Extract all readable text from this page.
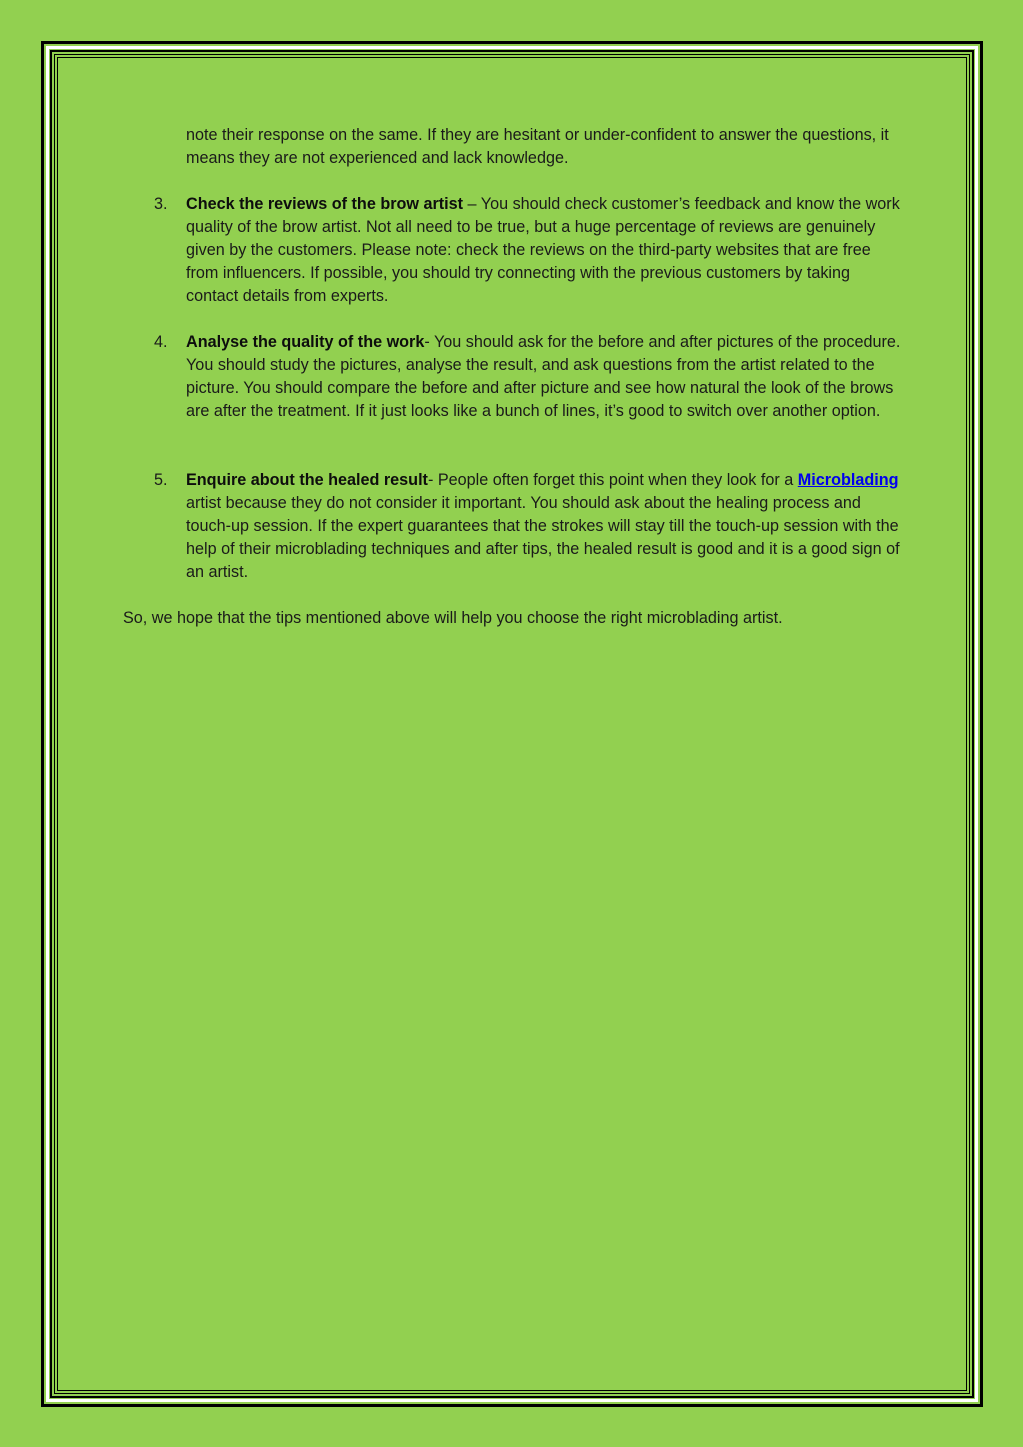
note their response on the same. If they are hesitant or under-confident to answer the questions, it means they are not experienced and lack knowledge.

3. Check the reviews of the brow artist – You should check customer’s feedback and know the work quality of the brow artist. Not all need to be true, but a huge percentage of reviews are genuinely given by the customers. Please note: check the reviews on the third-party websites that are free from influencers. If possible, you should try connecting with the previous customers by taking contact details from experts.

4. Analyse the quality of the work- You should ask for the before and after pictures of the procedure. You should study the pictures, analyse the result, and ask questions from the artist related to the picture. You should compare the before and after picture and see how natural the look of the brows are after the treatment. If it just looks like a bunch of lines, it’s good to switch over another option.

5. Enquire about the healed result- People often forget this point when they look for a Microblading artist because they do not consider it important. You should ask about the healing process and touch-up session. If the expert guarantees that the strokes will stay till the touch-up session with the help of their microblading techniques and after tips, the healed result is good and it is a good sign of an artist.

So, we hope that the tips mentioned above will help you choose the right microblading artist.
